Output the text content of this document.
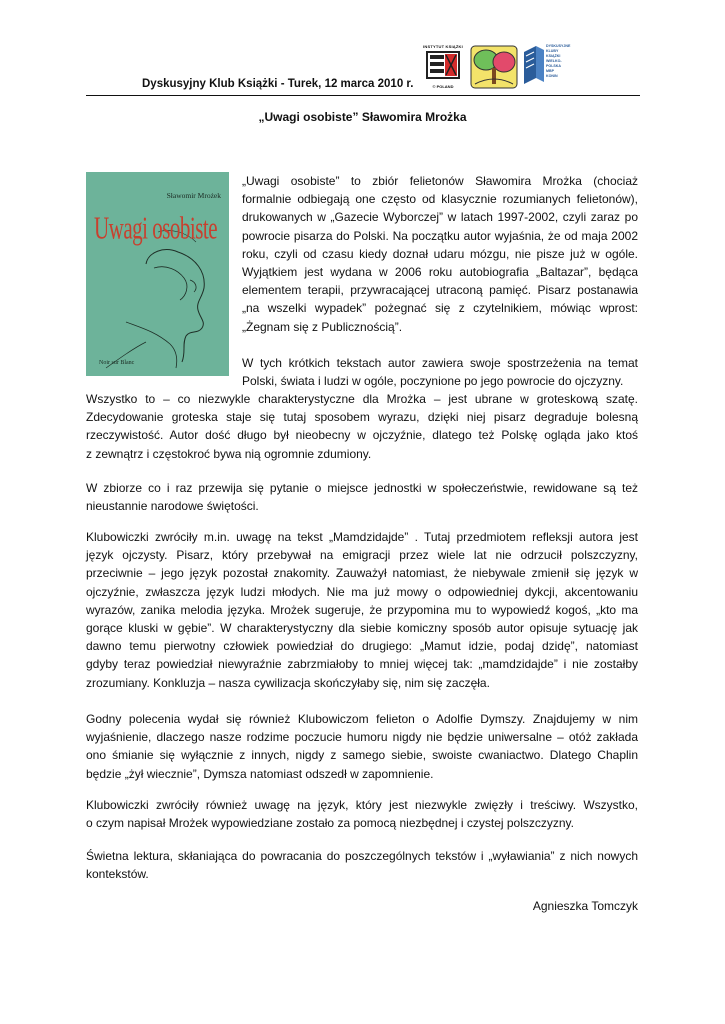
INSTYTUT KSIĄŻKI
© POLAND
DYSKUSYJNE
KLUBY
KSIĄŻKI
WIELKO-
POLSKA
MBP
KONIN
Dyskusyjny Klub Książki - Turek, 12 marca 2010 r.
„Uwagi osobiste” Sławomira Mrożka
Sławomir Mrożek
Uwagi osobiste
Noir sur Blanc
„Uwagi osobiste” to zbiór felietonów Sławomira Mrożka (chociaż
formalnie odbiegają one często od klasycznie rozumianych felietonów),
drukowanych w „Gazecie Wyborczej” w latach 1997-2002, czyli zaraz po
powrocie pisarza do Polski. Na początku autor wyjaśnia, że od maja 2002
roku, czyli od czasu kiedy doznał udaru mózgu, nie pisze już w ogóle.
Wyjątkiem jest wydana w 2006 roku autobiografia „Baltazar”, będąca
elementem terapii, przywracającej utraconą pamięć. Pisarz postanawia
„na wszelki wypadek” pożegnać się z czytelnikiem, mówiąc wprost:
„Żegnam się z Publicznością”.
W tych krótkich tekstach autor zawiera swoje spostrzeżenia na temat
Polski, świata i ludzi w ogóle, poczynione po jego powrocie do ojczyzny.
Wszystko to – co niezwykle charakterystyczne dla Mrożka – jest ubrane w groteskową szatę.
Zdecydowanie groteska staje się tutaj sposobem wyrazu, dzięki niej pisarz degraduje bolesną
rzeczywistość. Autor dość długo był nieobecny w ojczyźnie, dlatego też Polskę ogląda jako ktoś
z zewnątrz i częstokroć bywa nią ogromnie zdumiony.
W zbiorze co i raz przewija się pytanie o miejsce jednostki w społeczeństwie, rewidowane są też
nieustannie narodowe świętości.
Klubowiczki zwróciły m.in. uwagę na tekst „Mamdzidajde” . Tutaj przedmiotem refleksji autora jest
język ojczysty. Pisarz, który przebywał na emigracji przez wiele lat nie odrzucił polszczyzny,
przeciwnie – jego język pozostał znakomity. Zauważył natomiast, że niebywale zmienił się język w
ojczyźnie, zwłaszcza język ludzi młodych. Nie ma już mowy o odpowiedniej dykcji, akcentowaniu
wyrazów, zanika melodia języka. Mrożek sugeruje, że przypomina mu to wypowiedź kogoś, „kto ma
gorące kluski w gębie”. W charakterystyczny dla siebie komiczny sposób autor opisuje sytuację jak
dawno temu pierwotny człowiek powiedział do drugiego: „Mamut idzie, podaj dzidę”, natomiast
gdyby teraz powiedział niewyraźnie zabrzmiałoby to mniej więcej tak: „mamdzidajde” i nie zostałby
zrozumiany. Konkluzja – nasza cywilizacja skończyłaby się, nim się zaczęła.
Godny polecenia wydał się również Klubowiczom felieton o Adolfie Dymszy. Znajdujemy w nim
wyjaśnienie, dlaczego nasze rodzime poczucie humoru nigdy nie będzie uniwersalne – otóż zakłada
ono śmianie się wyłącznie z innych, nigdy z samego siebie, swoiste cwaniactwo. Dlatego Chaplin
będzie „żył wiecznie”, Dymsza natomiast odszedł w zapomnienie.
Klubowiczki zwróciły również uwagę na język, który jest niezwykle zwięzły i treściwy. Wszystko,
o czym napisał Mrożek wypowiedziane zostało za pomocą niezbędnej i czystej polszczyzny.
Świetna lektura, skłaniająca do powracania do poszczególnych tekstów i „wyławiania” z nich nowych
kontekstów.
Agnieszka Tomczyk
